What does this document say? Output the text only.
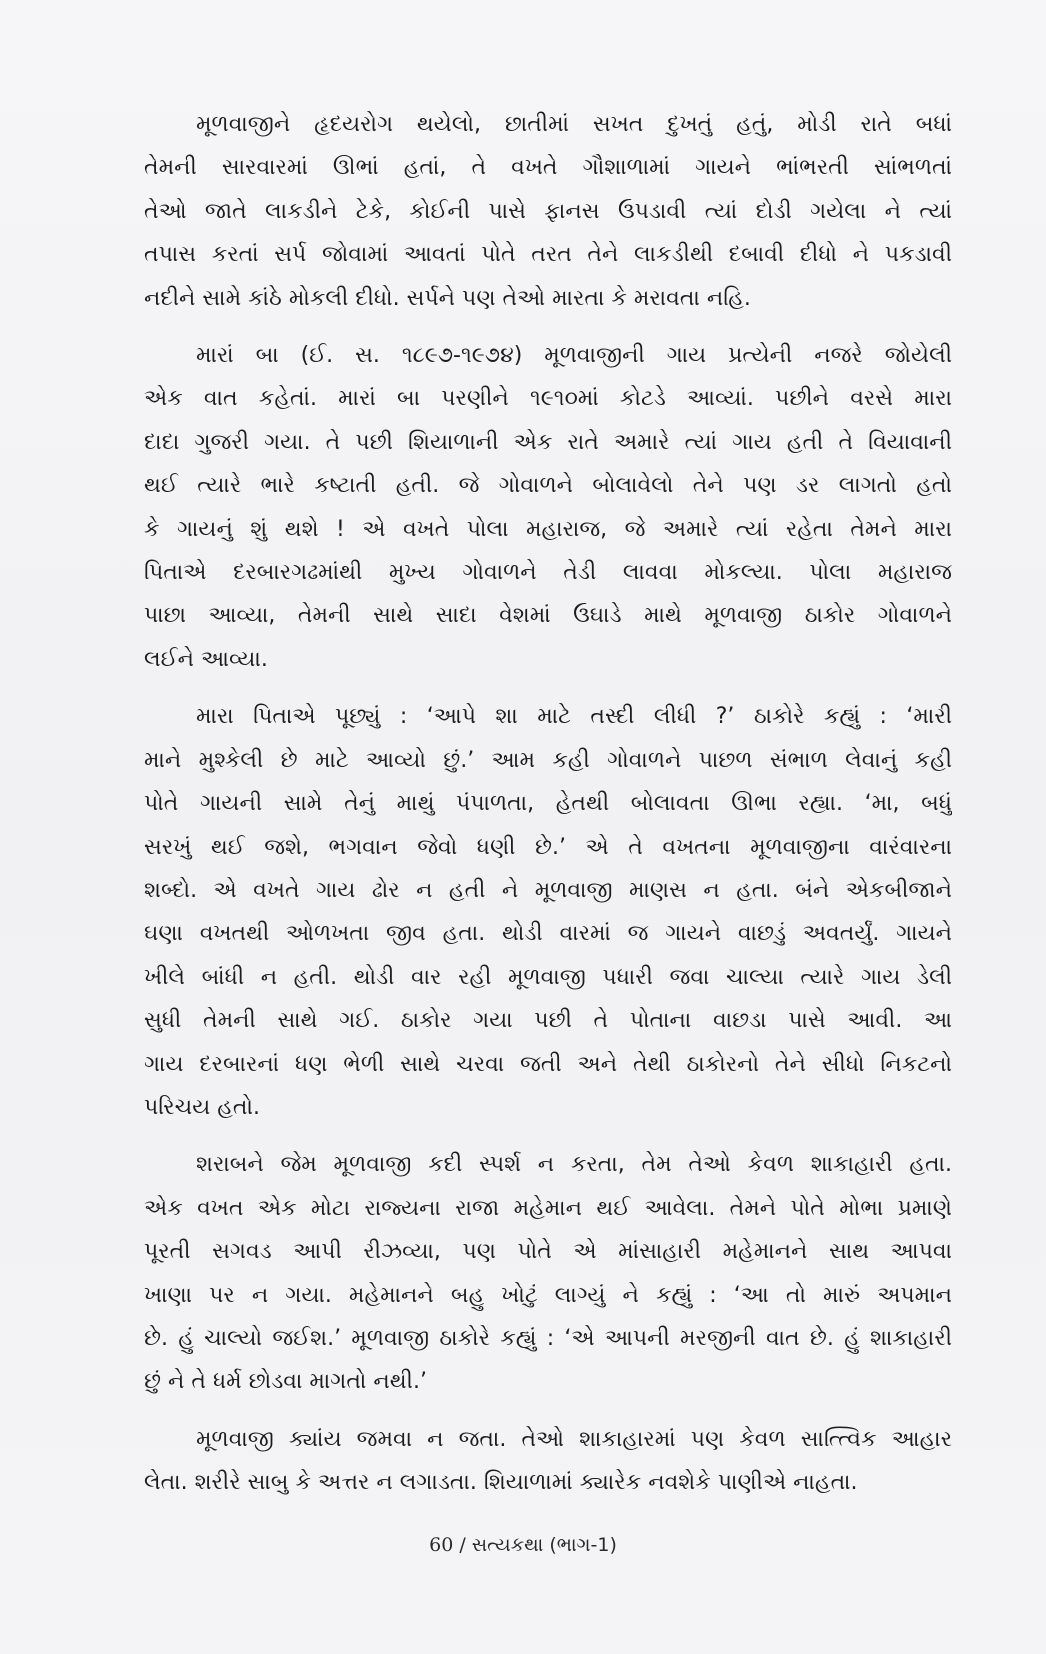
મૂળવાજીને હૃદયરોગ થયેલો, છાતીમાં સખત દુખતું હતું, મોડી રાતે બધાં
તેમની સારવારમાં ઊભાં હતાં, તે વખતે ગૌશાળામાં ગાયને ભાંભરતી સાંભળતાં
તેઓ જાતે લાકડીને ટેકે, કોઈની પાસે ફાનસ ઉપડાવી ત્યાં દોડી ગયેલા ને ત્યાં
તપાસ કરતાં સર્પ જોવામાં આવતાં પોતે તરત તેને લાકડીથી દબાવી દીધો ને પકડાવી
નદીને સામે કાંઠે મોકલી દીધો. સર્પને પણ તેઓ મારતા કે મરાવતા નહિ.

મારાં બા (ઈ. સ. ૧૮૯૭-૧૯૭૪) મૂળવાજીની ગાય પ્રત્યેની નજરે જોયેલી
એક વાત કહેતાં. મારાં બા પરણીને ૧૯૧૦માં કોટડે આવ્યાં. પછીને વરસે મારા
દાદા ગુજરી ગયા. તે પછી શિયાળાની એક રાતે અમારે ત્યાં ગાય હતી તે વિયાવાની
થઈ ત્યારે ભારે કષ્ટાતી હતી. જે ગોવાળને બોલાવેલો તેને પણ ડર લાગતો હતો
કે ગાયનું શું થશે ! એ વખતે પોલા મહારાજ, જે અમારે ત્યાં રહેતા તેમને મારા
પિતાએ દરબારગઢમાંથી મુખ્ય ગોવાળને તેડી લાવવા મોકલ્યા. પોલા મહારાજ
પાછા આવ્યા, તેમની સાથે સાદા વેશમાં ઉઘાડે માથે મૂળવાજી ઠાકોર ગોવાળને
લઈને આવ્યા.

મારા પિતાએ પૂછ્યું : ‘આપે શા માટે તસ્દી લીધી ?’ ઠાકોરે કહ્યું : ‘મારી
માને મુશ્કેલી છે માટે આવ્યો છું.’ આમ કહી ગોવાળને પાછળ સંભાળ લેવાનું કહી
પોતે ગાયની સામે તેનું માથું પંપાળતા, હેતથી બોલાવતા ઊભા રહ્યા. ‘મા, બધું
સરખું થઈ જશે, ભગવાન જેવો ધણી છે.’ એ તે વખતના મૂળવાજીના વારંવારના
શબ્દો. એ વખતે ગાય ઢોર ન હતી ને મૂળવાજી માણસ ન હતા. બંને એકબીજાને
ઘણા વખતથી ઓળખતા જીવ હતા. થોડી વારમાં જ ગાયને વાછડું અવતર્યું. ગાયને
ખીલે બાંધી ન હતી. થોડી વાર રહી મૂળવાજી પધારી જવા ચાલ્યા ત્યારે ગાય ડેલી
સુધી તેમની સાથે ગઈ. ઠાકોર ગયા પછી તે પોતાના વાછડા પાસે આવી. આ
ગાય દરબારનાં ધણ ભેળી સાથે ચરવા જતી અને તેથી ઠાકોરનો તેને સીધો નિકટનો
પરિચય હતો.

શરાબને જેમ મૂળવાજી કદી સ્પર્શ ન કરતા, તેમ તેઓ કેવળ શાકાહારી હતા.
એક વખત એક મોટા રાજ્યના રાજા મહેમાન થઈ આવેલા. તેમને પોતે મોભા પ્રમાણે
પૂરતી સગવડ આપી રીઝવ્યા, પણ પોતે એ માંસાહારી મહેમાનને સાથ આપવા
ખાણા પર ન ગયા. મહેમાનને બહુ ખોટું લાગ્યું ને કહ્યું : ‘આ તો મારું અપમાન
છે. હું ચાલ્યો જઈશ.’ મૂળવાજી ઠાકોરે કહ્યું : ‘એ આપની મરજીની વાત છે. હું શાકાહારી
છું ને તે ધર્મ છોડવા માગતો નથી.’

મૂળવાજી ક્યાંય જમવા ન જતા. તેઓ શાકાહારમાં પણ કેવળ સાત્ત્વિક આહાર
લેતા. શરીરે સાબુ કે અત્તર ન લગાડતા. શિયાળામાં ક્યારેક નવશેકે પાણીએ નાહતા.

60 / સત્યકથા (ભાગ-1)
